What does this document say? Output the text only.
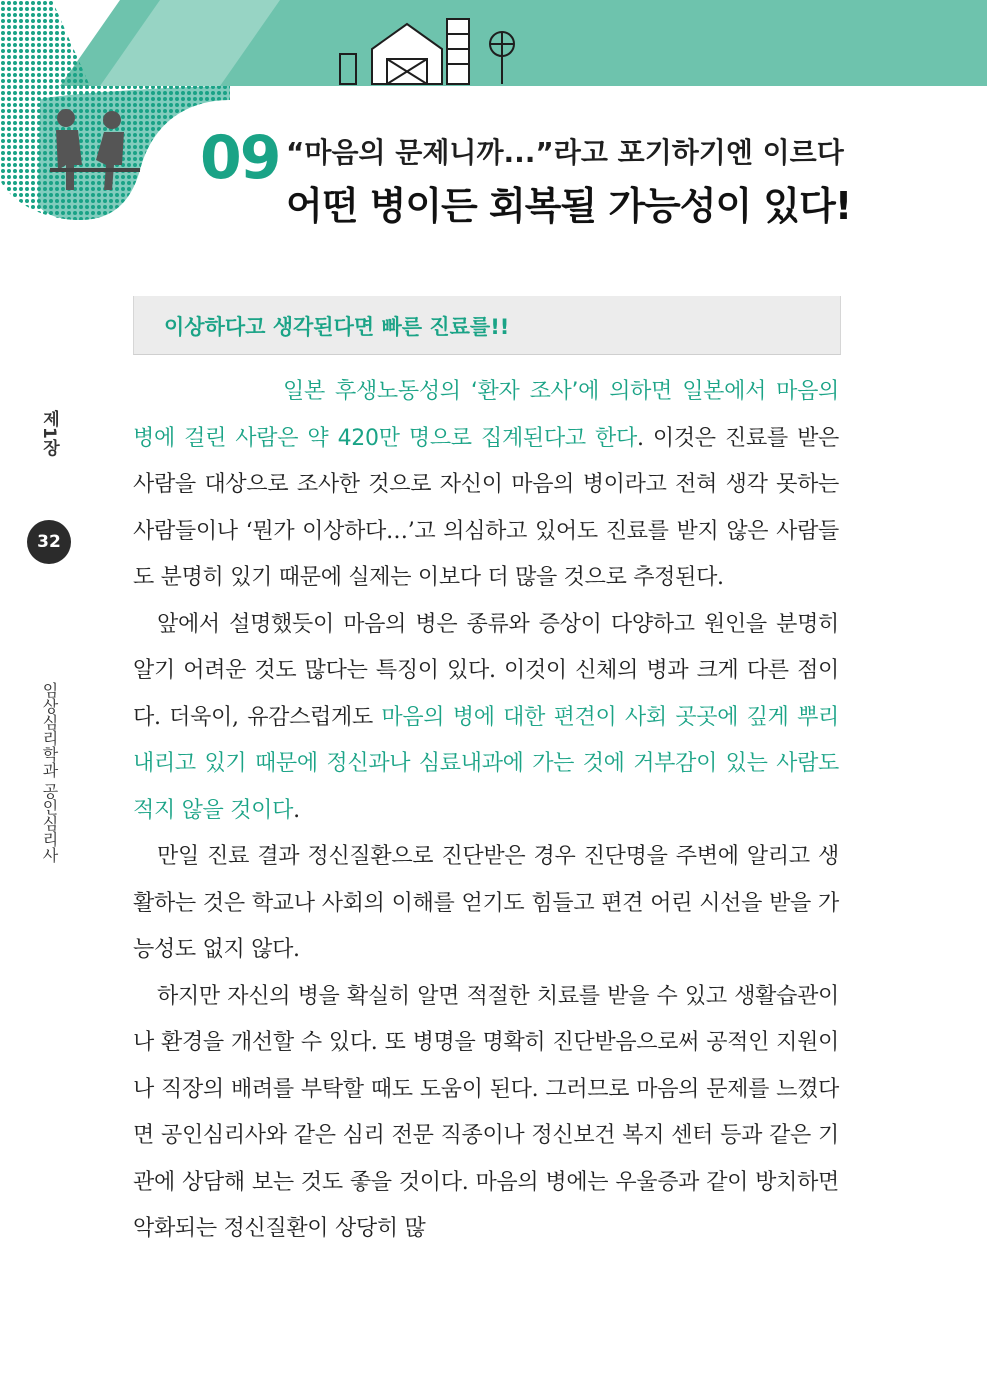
09 “마음의 문제니까...”라고 포기하기엔 이르다
어떤 병이든 회복될 가능성이 있다!
이상하다고 생각된다면 빠른 진료를!!
제1장
32
임상심리학과 공인심리사

일본 후생노동성의 ‘환자 조사’에 의하면 일본에서 마음의 병에 걸린 사람은 약 420만 명으로 집계된다고 한다. 이것은 진료를 받은 사람을 대상으로 조사한 것으로 자신이 마음의 병이라고 전혀 생각 못하는 사람들이나 ‘뭔가 이상하다…’고 의심하고 있어도 진료를 받지 않은 사람들도 분명히 있기 때문에 실제는 이보다 더 많을 것으로 추정된다.

앞에서 설명했듯이 마음의 병은 종류와 증상이 다양하고 원인을 분명히 알기 어려운 것도 많다는 특징이 있다. 이것이 신체의 병과 크게 다른 점이다. 더욱이, 유감스럽게도 마음의 병에 대한 편견이 사회 곳곳에 깊게 뿌리 내리고 있기 때문에 정신과나 심료내과에 가는 것에 거부감이 있는 사람도 적지 않을 것이다.

만일 진료 결과 정신질환으로 진단받은 경우 진단명을 주변에 알리고 생활하는 것은 학교나 사회의 이해를 얻기도 힘들고 편견 어린 시선을 받을 가능성도 없지 않다.

하지만 자신의 병을 확실히 알면 적절한 치료를 받을 수 있고 생활습관이나 환경을 개선할 수 있다. 또 병명을 명확히 진단받음으로써 공적인 지원이나 직장의 배려를 부탁할 때도 도움이 된다. 그러므로 마음의 문제를 느꼈다면 공인심리사와 같은 심리 전문 직종이나 정신보건 복지 센터 등과 같은 기관에 상담해 보는 것도 좋을 것이다. 마음의 병에는 우울증과 같이 방치하면 악화되는 정신질환이 상당히 많
